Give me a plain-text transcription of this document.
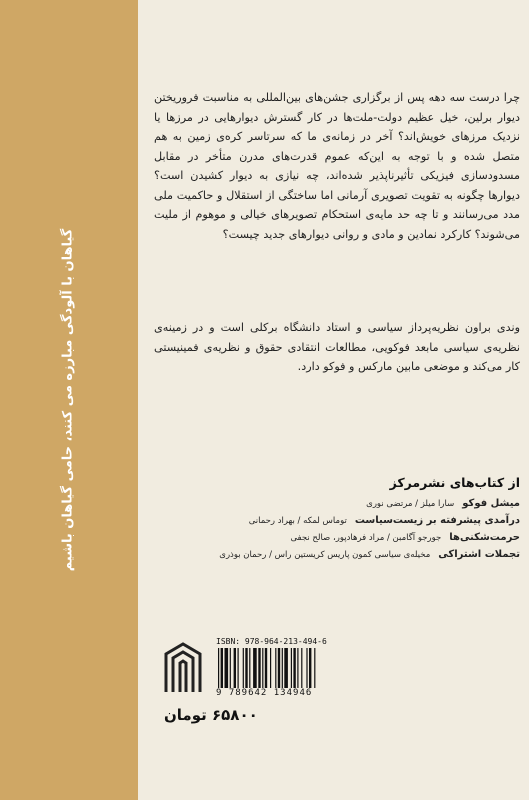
گیاهان با آلودگی مبارزه می کنند، حامی گیاهان باشیم

چرا درست سه دهه پس از برگزاری جشن‌های بین‌المللی به مناسبت فروریختن دیوار برلین، خیل عظیم دولت-ملت‌ها در کار گسترش دیوارهایی در مرزها یا نزدیک مرزهای خویش‌اند؟ آخر در زمانه‌ی ما که سرتاسر کره‌ی زمین به هم متصل شده و با توجه به این‌که عموم قدرت‌های مدرن متأخر در مقابل مسدودسازی فیزیکی تأثیرناپذیر شده‌اند، چه نیازی به دیوار کشیدن است؟ دیوارها چگونه به تقویت تصویری آرمانی اما ساختگی از استقلال و حاکمیت ملی مدد می‌رسانند و تا چه حد مایه‌ی استحکام تصویرهای خیالی و موهوم از ملیت می‌شوند؟ کارکرد نمادین و مادی و روانی دیوارهای جدید چیست؟

وندی براون نظریه‌پرداز سیاسی و استاد دانشگاه برکلی است و در زمینه‌ی نظریه‌ی سیاسی مابعد فوکویی، مطالعات انتقادی حقوق و نظریه‌ی فمینیستی کار می‌کند و موضعی مابین مارکس و فوکو دارد.

از کتاب‌های نشرمرکز
میشل فوکو
سارا میلز / مرتضی نوری
درآمدی پیشرفته بر زیست‌سیاست
توماس لمکه / بهراد رحمانی
حرمت‌شکنی‌ها
جورجو آگامبن / مراد فرهادپور، صالح نجفی
تجملات اشتراکی
مخیله‌ی سیاسی کمون پاریس کریستین راس / رحمان بوذری
ISBN: 978-964-213-494-6
9 789642 134946
۶۵۸۰۰ تومان
